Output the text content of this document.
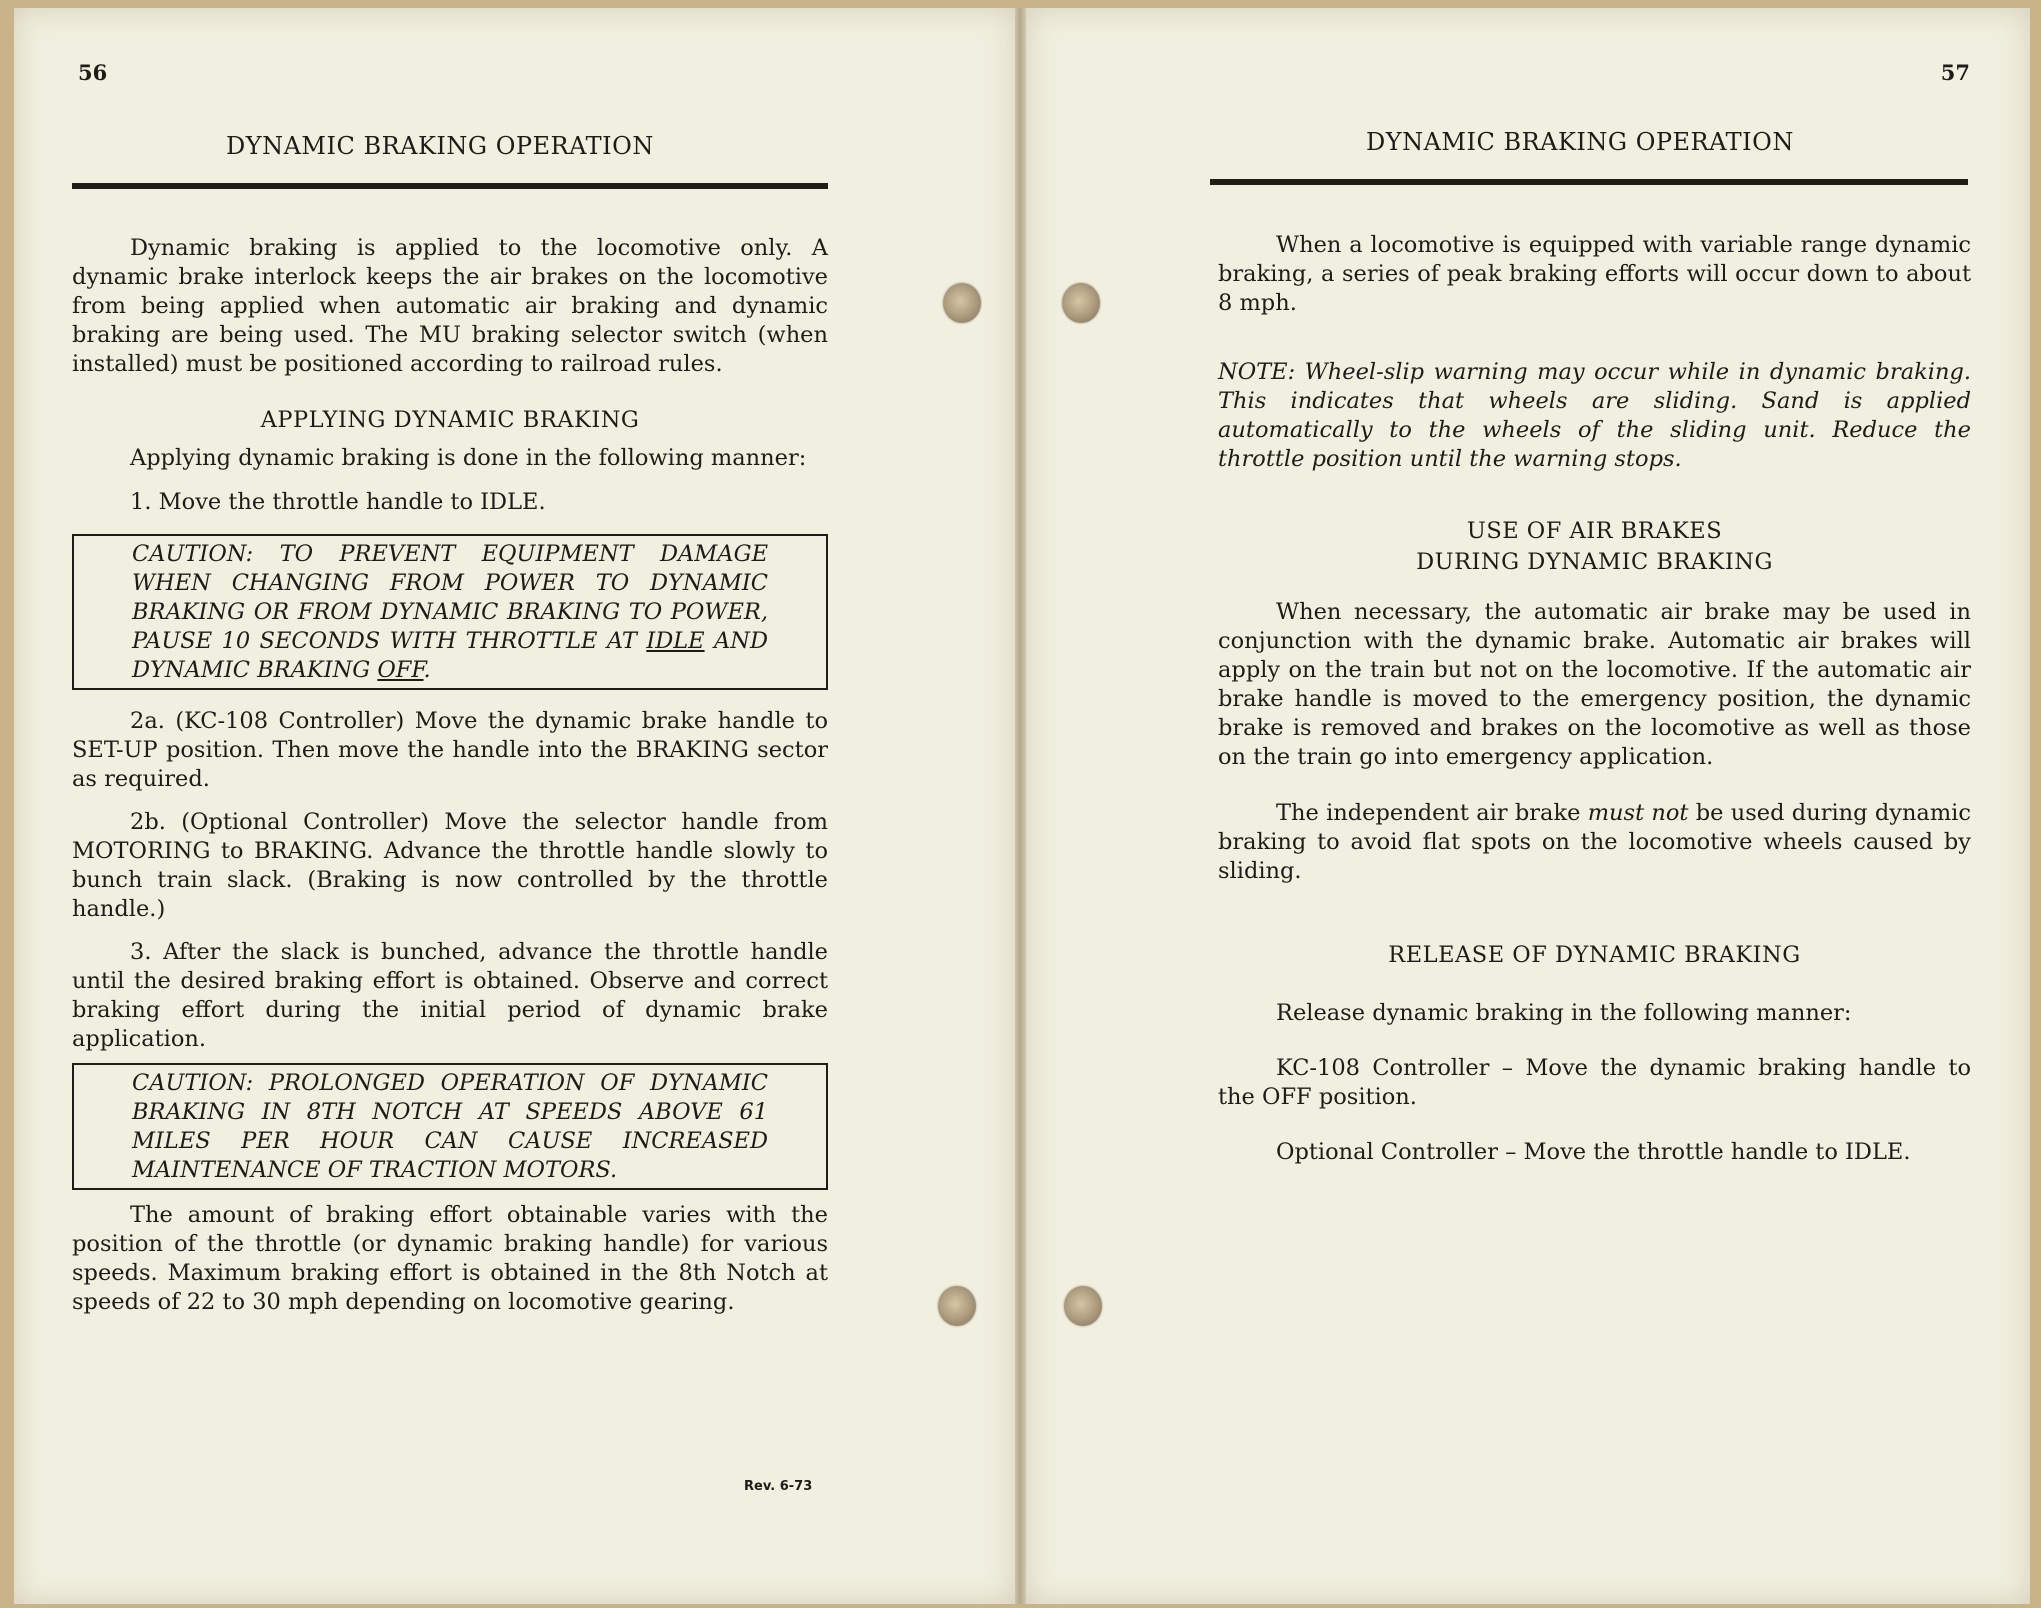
56
DYNAMIC BRAKING OPERATION

Dynamic braking is applied to the locomotive only. A dynamic brake interlock keeps the air brakes on the locomotive from being applied when automatic air braking and dynamic braking are being used. The MU braking selector switch (when installed) must be positioned according to railroad rules.

APPLYING DYNAMIC BRAKING

Applying dynamic braking is done in the following manner:

1. Move the throttle handle to IDLE.

CAUTION: TO PREVENT EQUIPMENT DAMAGE WHEN CHANGING FROM POWER TO DYNAMIC BRAKING OR FROM DYNAMIC BRAKING TO POWER, PAUSE 10 SECONDS WITH THROTTLE AT IDLE AND DYNAMIC BRAKING OFF.

2a. (KC-108 Controller) Move the dynamic brake handle to SET-UP position. Then move the handle into the BRAKING sector as required.

2b. (Optional Controller) Move the selector handle from MOTORING to BRAKING. Advance the throttle handle slowly to bunch train slack. (Braking is now controlled by the throttle handle.)

3. After the slack is bunched, advance the throttle handle until the desired braking effort is obtained. Observe and correct braking effort during the initial period of dynamic brake application.

CAUTION: PROLONGED OPERATION OF DYNAMIC BRAKING IN 8TH NOTCH AT SPEEDS ABOVE 61 MILES PER HOUR CAN CAUSE INCREASED MAINTENANCE OF TRACTION MOTORS.

The amount of braking effort obtainable varies with the position of the throttle (or dynamic braking handle) for various speeds. Maximum braking effort is obtained in the 8th Notch at speeds of 22 to 30 mph depending on locomotive gearing.

Rev. 6-73
57
DYNAMIC BRAKING OPERATION

When a locomotive is equipped with variable range dynamic braking, a series of peak braking efforts will occur down to about 8 mph.

NOTE: Wheel-slip warning may occur while in dynamic braking. This indicates that wheels are sliding. Sand is applied automatically to the wheels of the sliding unit. Reduce the throttle position until the warning stops.

USE OF AIR BRAKES
DURING DYNAMIC BRAKING

When necessary, the automatic air brake may be used in conjunction with the dynamic brake. Automatic air brakes will apply on the train but not on the locomotive. If the automatic air brake handle is moved to the emergency position, the dynamic brake is removed and brakes on the locomotive as well as those on the train go into emergency application.

The independent air brake must not be used during dynamic braking to avoid flat spots on the locomotive wheels caused by sliding.

RELEASE OF DYNAMIC BRAKING

Release dynamic braking in the following manner:

KC-108 Controller – Move the dynamic braking handle to the OFF position.

Optional Controller – Move the throttle handle to IDLE.
